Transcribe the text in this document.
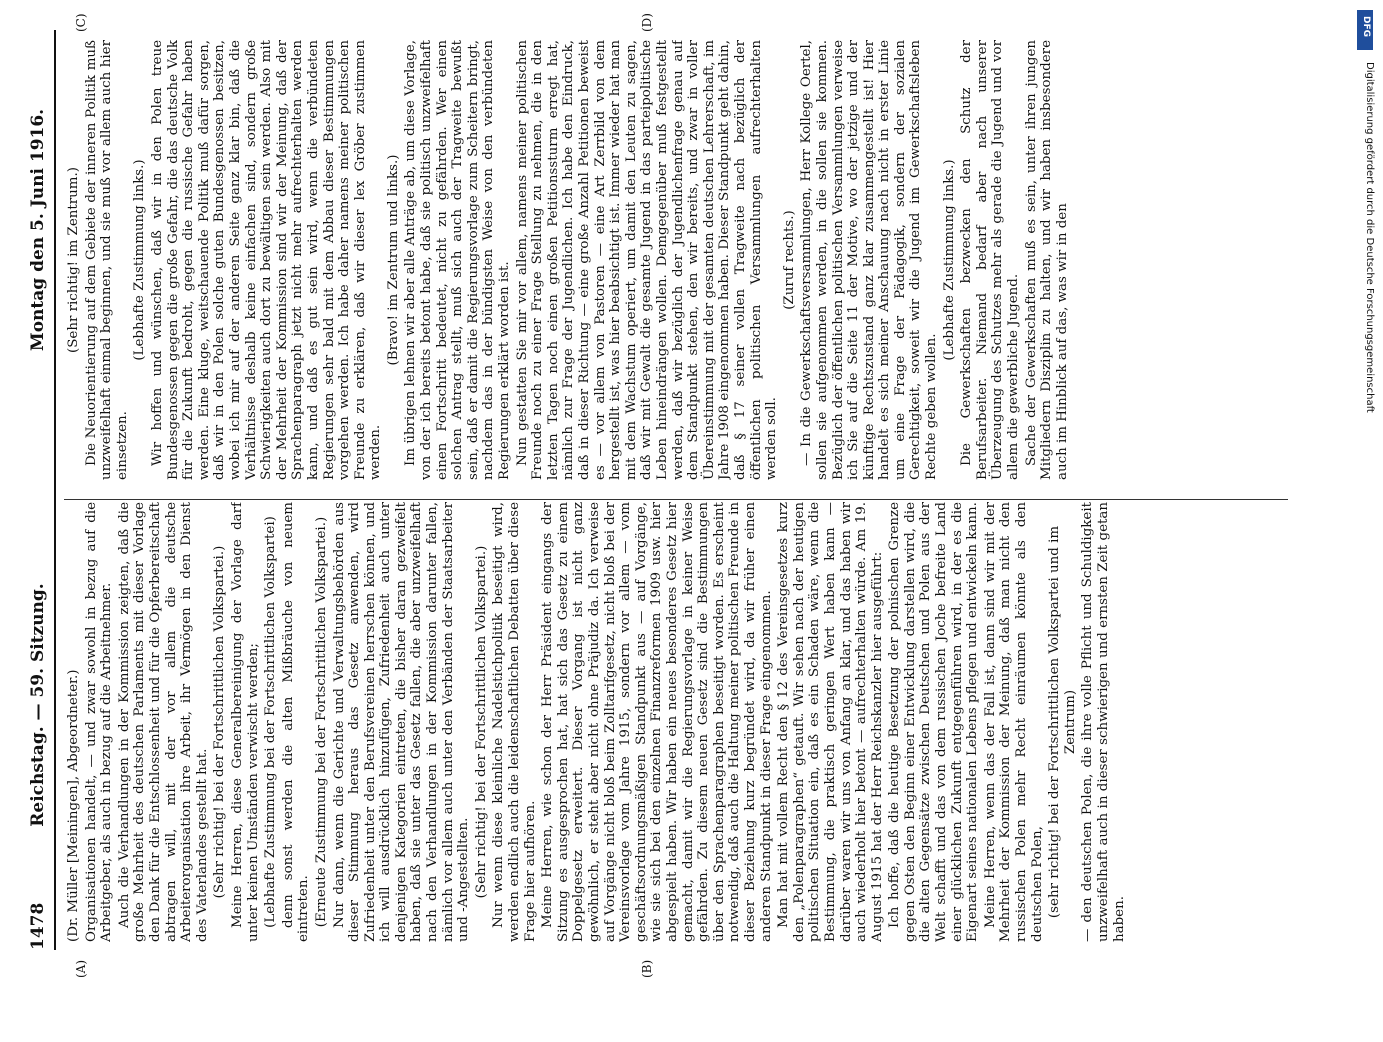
1478
Reichstag. — 59. Sitzung.
Montag den 5. Juni 1916.
(A)	(B)
(C)	(D)

(Dr. Müller [Meiningen], Abgeordneter.) Organisationen handelt, — und zwar sowohl in bezug auf die Arbeitgeber, als auch in bezug auf die Arbeitnehmer. Auch die Verhandlungen in der Kommission zeigten, daß die große Mehrheit des deutschen Parlaments mit dieser Vorlage den Dank für die Entschlossenheit und für die Opferbereitschaft abtragen will, mit der vor allem die deutsche Arbeiterorganisation ihre Arbeit, ihr Vermögen in den Dienst des Vaterlandes gestellt hat. (Sehr richtig! bei der Fortschrittlichen Volkspartei.) Meine Herren, diese Generalbereinigung der Vorlage darf unter keinen Umständen verwischt werden; (Lebhafte Zustimmung bei der Fortschrittlichen Volkspartei) denn sonst werden die alten Mißbräuche von neuem eintreten. (Erneute Zustimmung bei der Fortschrittlichen Volkspartei.) Nur dann, wenn die Gerichte und Verwaltungsbehörden aus dieser Stimmung heraus das Gesetz anwenden, wird Zufriedenheit unter den Berufsvereinen herrschen können, und ich will ausdrücklich hinzufügen, Zufriedenheit auch unter denjenigen Kategorien eintreten, die bisher daran gezweifelt haben, daß sie unter das Gesetz fallen, die aber unzweifelhaft nach den Verhandlungen in der Kommission darunter fallen, nämlich vor allem auch unter den Verbänden der Staatsarbeiter und -Angestellten. (Sehr richtig! bei der Fortschrittlichen Volkspartei.) Nur wenn diese kleinliche Nadelstichpolitik beseitigt wird, werden endlich auch die leidenschaftlichen Debatten über diese Frage hier aufhören. Meine Herren, wie schon der Herr Präsident eingangs der Sitzung es ausgesprochen hat, hat sich das Gesetz zu einem Doppelgesetz erweitert. Dieser Vorgang ist nicht ganz gewöhnlich, er steht aber nicht ohne Präjudiz da. Ich verweise auf Vorgänge nicht bloß beim Zolltarifgesetz, nicht bloß bei der Vereinsvorlage vom Jahre 1915, sondern vor allem — vom geschäftsordnungsmäßigen Standpunkt aus — auf Vorgänge, wie sie sich bei den einzelnen Finanzreformen 1909 usw. hier abgespielt haben. Wir haben ein neues besonderes Gesetz hier gemacht, damit wir die Regierungsvorlage in keiner Weise gefährden. Zu diesem neuen Gesetz sind die Bestimmungen über den Sprachenparagraphen beseitigt worden. Es erscheint notwendig, daß auch die Haltung meiner politischen Freunde in dieser Beziehung kurz begründet wird, da wir früher einen anderen Standpunkt in dieser Frage eingenommen. Man hat mit vollem Recht den § 12 des Vereinsgesetzes kurz den „Polenparagraphen“ getauft. Wir sehen nach der heutigen politischen Situation ein, daß es ein Schaden wäre, wenn die Bestimmung, die praktisch geringen Wert haben kann — darüber waren wir uns von Anfang an klar, und das haben wir auch wiederholt hier betont — aufrechterhalten würde. Am 19. August 1915 hat der Herr Reichskanzler hier ausgeführt: Ich hoffe, daß die heutige Besetzung der polnischen Grenze gegen Osten den Beginn einer Entwicklung darstellen wird, die die alten Gegensätze zwischen Deutschen und Polen aus der Welt schafft und das von dem russischen Joche befreite Land einer glücklichen Zukunft entgegenführen wird, in der es die Eigenart seines nationalen Lebens pflegen und entwickeln kann. Meine Herren, wenn das der Fall ist, dann sind wir mit der Mehrheit der Kommission der Meinung, daß man nicht den russischen Polen mehr Recht einräumen könnte als den deutschen Polen, (sehr richtig! bei der Fortschrittlichen Volkspartei und im Zentrum) — den deutschen Polen, die ihre volle Pflicht und Schuldigkeit unzweifelhaft auch in dieser schwierigen und ernsten Zeit getan haben.

(Sehr richtig! im Zentrum.) Die Neuorientierung auf dem Gebiete der inneren Politik muß unzweifelhaft einmal beginnen, und sie muß vor allem auch hier einsetzen.

(Lebhafte Zustimmung links.) Wir hoffen und wünschen, daß wir in den Polen treue Bundesgenossen gegen die große Gefahr, die das deutsche Volk für die Zukunft bedroht, gegen die russische Gefahr haben werden. Eine kluge, weitschauende Politik muß dafür sorgen, daß wir in den Polen solche guten Bundesgenossen besitzen, wobei ich mir auf der anderen Seite ganz klar bin, daß die Verhältnisse deshalb keine einfachen sind, sondern große Schwierigkeiten auch dort zu bewältigen sein werden. Also mit der Mehrheit der Kommission sind wir der Meinung, daß der Sprachenparagraph jetzt nicht mehr aufrechterhalten werden kann, und daß es gut sein wird, wenn die verbündeten Regierungen sehr bald mit dem Abbau dieser Bestimmungen vorgehen werden. Ich habe daher namens meiner politischen Freunde zu erklären, daß wir dieser lex Gröber zustimmen werden.

(Bravo! im Zentrum und links.) Im übrigen lehnen wir aber alle Anträge ab, um diese Vorlage, von der ich bereits betont habe, daß sie politisch unzweifelhaft einen Fortschritt bedeutet, nicht zu gefährden. Wer einen solchen Antrag stellt, muß sich auch der Tragweite bewußt sein, daß er damit die Regierungsvorlage zum Scheitern bringt, nachdem das in der bündigsten Weise von den verbündeten Regierungen erklärt worden ist. Nun gestatten Sie mir vor allem, namens meiner politischen Freunde noch zu einer Frage Stellung zu nehmen, die in den letzten Tagen noch einen großen Petitionssturm erregt hat, nämlich zur Frage der Jugendlichen. Ich habe den Eindruck, daß in dieser Richtung — eine große Anzahl Petitionen beweist es — vor allem von Pastoren — eine Art Zerrbild von dem hergestellt ist, was hier beabsichtigt ist. Immer wieder hat man mit dem Wachstum operiert, um damit den Leuten zu sagen, daß wir mit Gewalt die gesamte Jugend in das parteipolitische Leben hineindrängen wollen. Demgegenüber muß festgestellt werden, daß wir bezüglich der Jugendlichenfrage genau auf dem Standpunkt stehen, den wir bereits, und zwar in voller Übereinstimmung mit der gesamten deutschen Lehrerschaft, im Jahre 1908 eingenommen haben. Dieser Standpunkt geht dahin, daß § 17 seiner vollen Tragweite nach bezüglich der öffentlichen politischen Versammlungen aufrechterhalten werden soll.

(Zuruf rechts.) — In die Gewerkschaftsversammlungen, Herr Kollege Oertel, sollen sie aufgenommen werden, in die sollen sie kommen. Bezüglich der öffentlichen politischen Versammlungen verweise ich Sie auf die Seite 11 der Motive, wo der jetzige und der künftige Rechtszustand ganz klar zusammengestellt ist! Hier handelt es sich meiner Anschauung nach nicht in erster Linie um eine Frage der Pädagogik, sondern der sozialen Gerechtigkeit, soweit wir die Jugend im Gewerkschaftsleben Rechte geben wollen.

(Lebhafte Zustimmung links.) Die Gewerkschaften bezwecken den Schutz der Berufsarbeiter. Niemand bedarf aber nach unserer Überzeugung des Schutzes mehr als gerade die Jugend und vor allem die gewerbliche Jugend. Sache der Gewerkschaften muß es sein, unter ihren jungen Mitgliedern Disziplin zu halten, und wir haben insbesondere auch im Hinblick auf das, was wir in den

DFG
Digitalisierung gefördert durch die Deutsche Forschungsgemeinschaft
